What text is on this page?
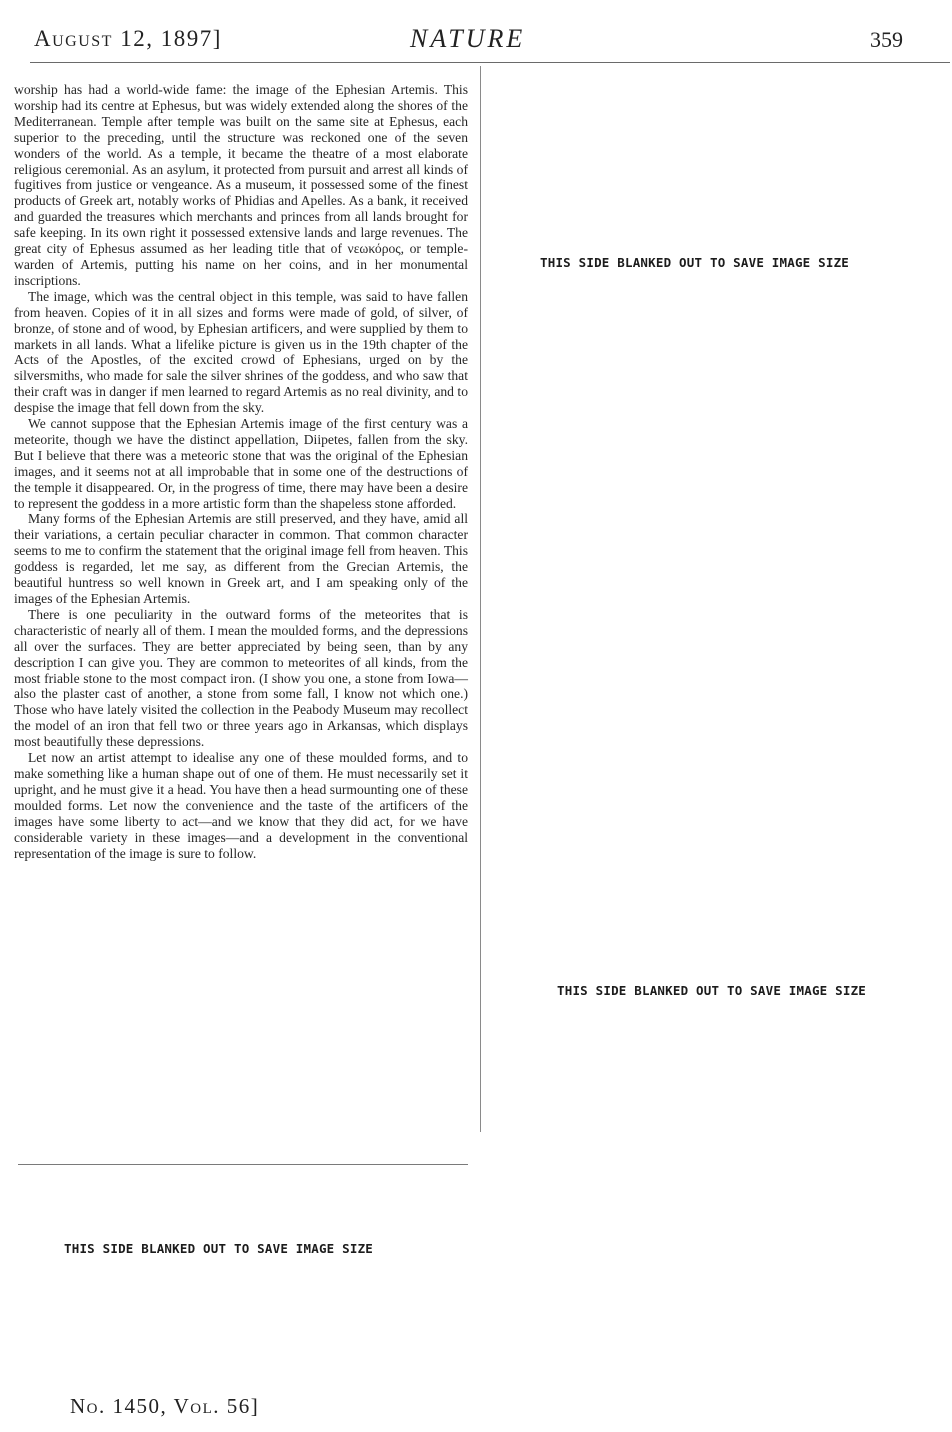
August 12, 1897]	NATURE	359

worship has had a world-wide fame: the image of the Ephesian Artemis. This worship had its centre at Ephesus, but was widely extended along the shores of the Mediterranean. Temple after temple was built on the same site at Ephesus, each superior to the preceding, until the structure was reckoned one of the seven wonders of the world. As a temple, it became the theatre of a most elaborate religious ceremonial. As an asylum, it protected from pursuit and arrest all kinds of fugitives from justice or vengeance. As a museum, it possessed some of the finest products of Greek art, notably works of Phidias and Apelles. As a bank, it received and guarded the treasures which merchants and princes from all lands brought for safe keeping. In its own right it possessed extensive lands and large revenues. The great city of Ephesus assumed as her leading title that of νεωκόρος, or temple-warden of Artemis, putting his name on her coins, and in her monumental inscriptions.

The image, which was the central object in this temple, was said to have fallen from heaven. Copies of it in all sizes and forms were made of gold, of silver, of bronze, of stone and of wood, by Ephesian artificers, and were supplied by them to markets in all lands. What a lifelike picture is given us in the 19th chapter of the Acts of the Apostles, of the excited crowd of Ephesians, urged on by the silversmiths, who made for sale the silver shrines of the goddess, and who saw that their craft was in danger if men learned to regard Artemis as no real divinity, and to despise the image that fell down from the sky.

We cannot suppose that the Ephesian Artemis image of the first century was a meteorite, though we have the distinct appellation, Diipetes, fallen from the sky. But I believe that there was a meteoric stone that was the original of the Ephesian images, and it seems not at all improbable that in some one of the destructions of the temple it disappeared. Or, in the progress of time, there may have been a desire to represent the goddess in a more artistic form than the shapeless stone afforded.

Many forms of the Ephesian Artemis are still preserved, and they have, amid all their variations, a certain peculiar character in common. That common character seems to me to confirm the statement that the original image fell from heaven. This goddess is regarded, let me say, as different from the Grecian Artemis, the beautiful huntress so well known in Greek art, and I am speaking only of the images of the Ephesian Artemis.

There is one peculiarity in the outward forms of the meteorites that is characteristic of nearly all of them. I mean the moulded forms, and the depressions all over the surfaces. They are better appreciated by being seen, than by any description I can give you. They are common to meteorites of all kinds, from the most friable stone to the most compact iron. (I show you one, a stone from Iowa—also the plaster cast of another, a stone from some fall, I know not which one.) Those who have lately visited the collection in the Peabody Museum may recollect the model of an iron that fell two or three years ago in Arkansas, which displays most beautifully these depressions.

Let now an artist attempt to idealise any one of these moulded forms, and to make something like a human shape out of one of them. He must necessarily set it upright, and he must give it a head. You have then a head surmounting one of these moulded forms. Let now the convenience and the taste of the artificers of the images have some liberty to act—and we know that they did act, for we have considerable variety in these images—and a development in the conventional representation of the image is sure to follow.

THIS SIDE BLANKED OUT TO SAVE IMAGE SIZE
THIS SIDE BLANKED OUT TO SAVE IMAGE SIZE
THIS SIDE BLANKED OUT TO SAVE IMAGE SIZE
No. 1450, Vol. 56]
